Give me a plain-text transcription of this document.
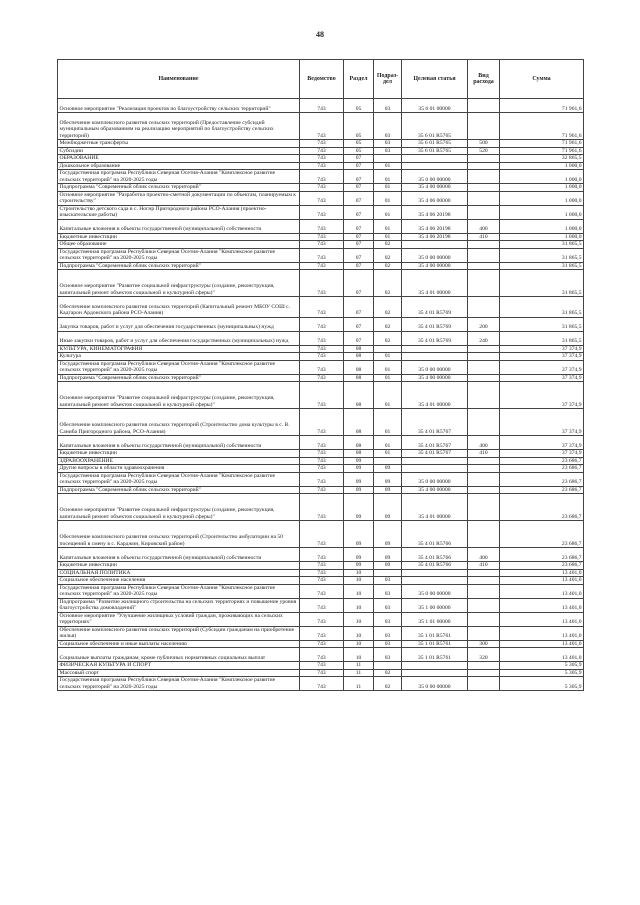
48
Наименование	Ведомство	Раздел	Подраз-дел	Целевая статья	Вид расхода	Сумма
Основное мероприятие "Реализация проектов по благоустройству сельских территорий"	743	05	03	35 6 01 00000		71 961,6
Обеспечение комплексного развития сельских территорий (Предоставление субсидий муниципальным образованиям на реализацию мероприятий по благоустройству сельских территорий)	743	05	03	35 6 01 R5765		71 961,6
Межбюджетные трансферты	743	05	03	35 6 01 R5765	500	71 961,6
Субсидии	743	05	03	35 6 01 R5765	520	71 961,6
ОБРАЗОВАНИЕ	743	07				32 865,5
Дошкольное образование	743	07	01			1 000,0
Государственная программа Республики Северная Осетия-Алания "Комплексное развитие сельских территорий" на 2020-2025 годы	743	07	01	35 0 00 00000		1 000,0
Подпрограмма "Современный облик сельских территорий"	743	07	01	35 4 00 00000		1 000,0
Основное мероприятие "Разработка проектно-сметной документации по объектам, планируемым к строительству"	743	07	01	35 4 06 00000		1 000,0
Строительство детского сада в с. Ногир Пригородного района РСО-Алания (проектно-изыскательские работы)	743	07	01	35 4 06 20198		1 000,0
Капитальные вложения в объекты государственной (муниципальной) собственности	743	07	01	35 4 06 20198	400	1 000,0
Бюджетные инвестиции	743	07	01	35 4 06 20198	410	1 000,0
Общее образование	743	07	02			31 865,5
Государственная программа Республики Северная Осетия-Алания "Комплексное развитие сельских территорий" на 2020-2025 годы	743	07	02	35 0 00 00000		31 865,5
Подпрограмма "Современный облик сельских территорий"	743	07	02	35 4 00 00000		31 865,5
Основное мероприятие "Развитие социальной инфраструктуры (создание, реконструкция, капитальный ремонт объектов социальной и культурной сферы)"	743	07	02	35 4 01 00000		31 865,5
Обеспечение комплексного развития сельских территорий (Капитальный ремонт МБОУ СОШ с. Кадгарон Ардонского района РСО-Алания)	743	07	02	35 4 01 R5769		31 865,5
Закупка товаров, работ и услуг для обеспечения государственных (муниципальных) нужд	743	07	02	35 4 01 R5769	200	31 865,5
Иные закупки товаров, работ и услуг для обеспечения государственных (муниципальных) нужд	743	07	02	35 4 01 R5769	240	31 865,5
КУЛЬТУРА, КИНЕМАТОГРАФИЯ	743	08				37 374,9
Культура	743	08	01			37 374,9
Государственная программа Республики Северная Осетия-Алания "Комплексное развитие сельских территорий" на 2020-2025 годы	743	08	01	35 0 00 00000		37 374,9
Подпрограмма "Современный облик сельских территорий"	743	08	01	35 4 00 00000		37 374,9
Основное мероприятие "Развитие социальной инфраструктуры (создание, реконструкция, капитальный ремонт объектов социальной и культурной сферы)"	743	08	01	35 4 01 00000		37 374,9
Обеспечение комплексного развития сельских территорий (Строительство дома культуры в с. В. Саниба Пригородного района, РСО-Алания)	743	08	01	35 4 01 R5767		37 374,9
Капитальные вложения в объекты государственной (муниципальной) собственности	743	08	01	35 4 01 R5767	400	37 374,9
Бюджетные инвестиции	743	08	01	35 4 01 R5767	410	37 374,9
ЗДРАВООХРАНЕНИЕ	743	09				23 686,7
Другие вопросы в области здравоохранения	743	09	09			23 686,7
Государственная программа Республики Северная Осетия-Алания "Комплексное развитие сельских территорий" на 2020-2025 годы	743	09	09	35 0 00 00000		23 686,7
Подпрограмма "Современный облик сельских территорий"	743	09	09	35 4 00 00000		23 686,7
Основное мероприятие "Развитие социальной инфраструктуры (создание, реконструкция, капитальный ремонт объектов социальной и культурной сферы)"	743	09	09	35 4 01 00000		23 686,7
Обеспечение комплексного развития сельских территорий (Строительство амбулатории на 50 посещений в смену в с. Карджин, Кировский район)	743	09	09	35 4 01 R5766		23 686,7
Капитальные вложения в объекты государственной (муниципальной) собственности	743	09	09	35 4 01 R5766	400	23 686,7
Бюджетные инвестиции	743	09	09	35 4 01 R5766	410	23 686,7
СОЦИАЛЬНАЯ ПОЛИТИКА	743	10				13 401,0
Социальное обеспечение населения	743	10	03			13 401,0
Государственная программа Республики Северная Осетия-Алания "Комплексное развитие сельских территорий" на 2020-2025 годы	743	10	03	35 0 00 00000		13 401,0
Подпрограмма "Развитие жилищного строительства на сельских территориях и повышение уровня благоустройства домовладений"	743	10	03	35 1 00 00000		13 401,0
Основное мероприятие "Улучшение жилищных условий граждан, проживающих на сельских территориях"	743	10	03	35 1 01 00000		13 401,0
Обеспечение комплексного развития сельских территорий (Субсидии гражданам на приобретение жилья)	743	10	03	35 1 01 R5761		13 401,0
Социальное обеспечение и иные выплаты населению	743	10	03	35 1 01 R5761	300	13 401,0
Социальные выплаты гражданам, кроме публичных нормативных социальных выплат	743	10	03	35 1 01 R5761	320	13 401,0
ФИЗИЧЕСКАЯ КУЛЬТУРА И СПОРТ	743	11				5 305,9
Массовый спорт	743	11	02			5 305,9
Государственная программа Республики Северная Осетия-Алания "Комплексное развитие сельских территорий" на 2020-2025 годы	743	11	02	35 0 00 00000		5 305,9
